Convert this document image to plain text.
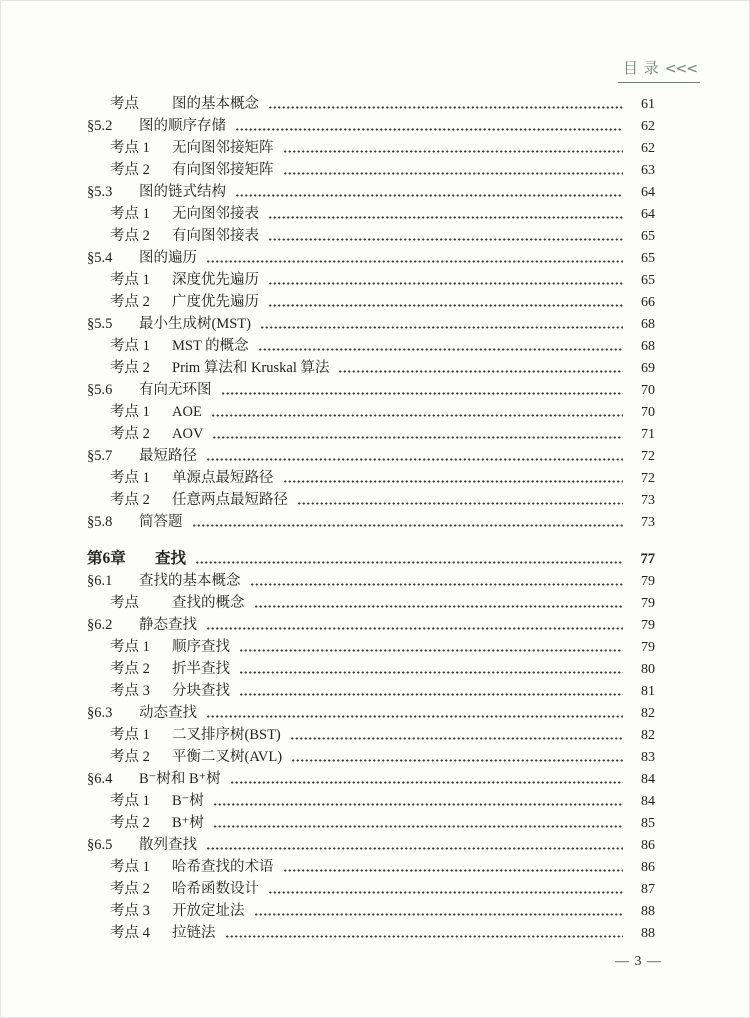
目 录 <<<
考点	图的基本概念	61
§5.2	图的顺序存储	62
考点 1	无向图邻接矩阵	62
考点 2	有向图邻接矩阵	63
§5.3	图的链式结构	64
考点 1	无向图邻接表	64
考点 2	有向图邻接表	65
§5.4	图的遍历	65
考点 1	深度优先遍历	65
考点 2	广度优先遍历	66
§5.5	最小生成树(MST)	68
考点 1	MST 的概念	68
考点 2	Prim 算法和 Kruskal 算法	69
§5.6	有向无环图	70
考点 1	AOE	70
考点 2	AOV	71
§5.7	最短路径	72
考点 1	单源点最短路径	72
考点 2	任意两点最短路径	73
§5.8	简答题	73
第6章	查找	77
§6.1	查找的基本概念	79
考点	查找的概念	79
§6.2	静态查找	79
考点 1	顺序查找	79
考点 2	折半查找	80
考点 3	分块查找	81
§6.3	动态查找	82
考点 1	二叉排序树(BST)	82
考点 2	平衡二叉树(AVL)	83
§6.4	B⁻树和 B⁺树	84
考点 1	B⁻树	84
考点 2	B⁺树	85
§6.5	散列查找	86
考点 1	哈希查找的术语	86
考点 2	哈希函数设计	87
考点 3	开放定址法	88
考点 4	拉链法	88
— 3 —
